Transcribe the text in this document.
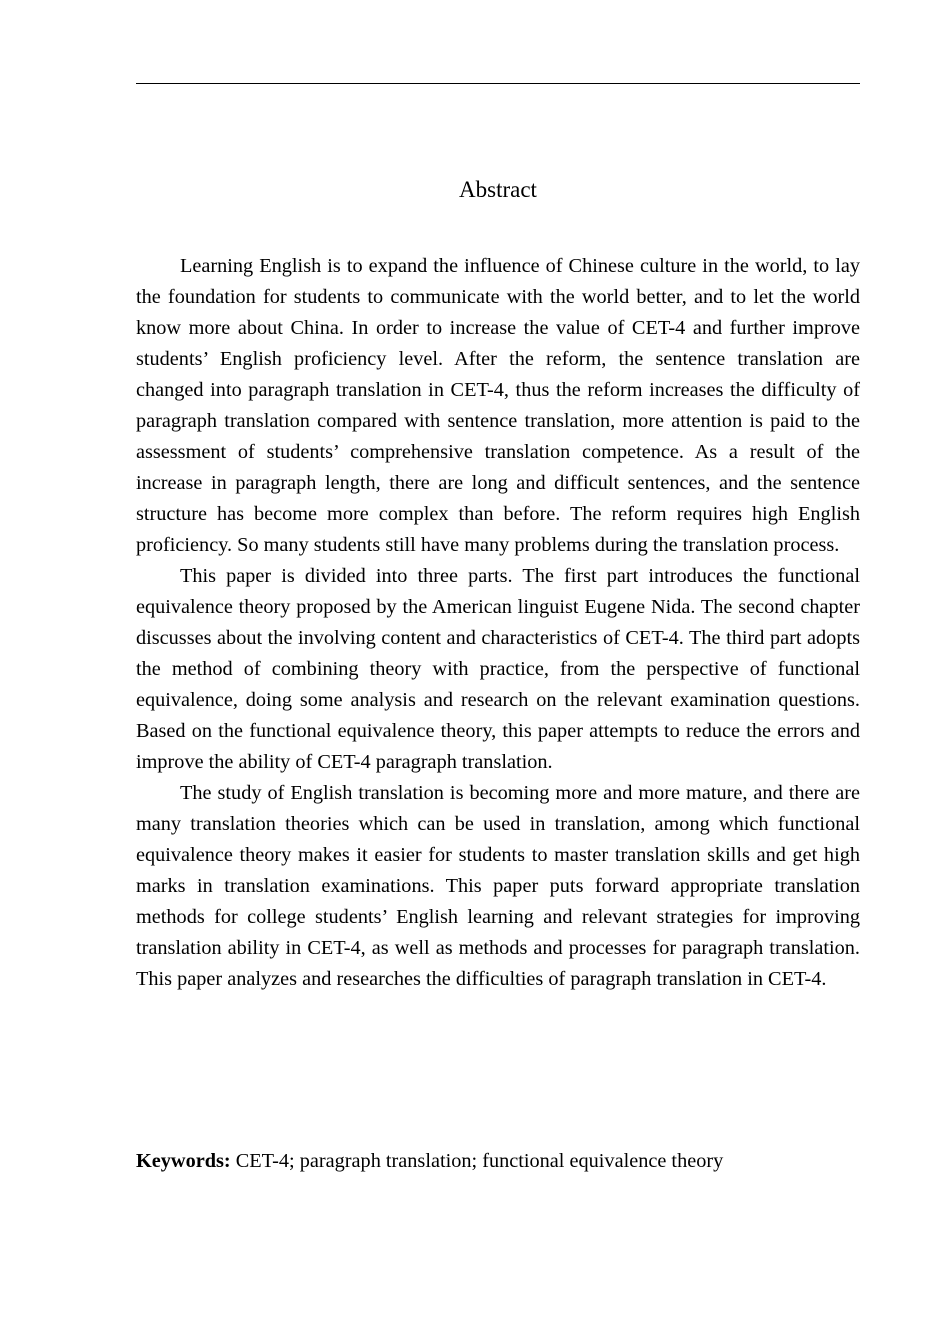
Abstract

Learning English is to expand the influence of Chinese culture in the world, to lay the foundation for students to communicate with the world better, and to let the world know more about China. In order to increase the value of CET-4 and further improve students’ English proficiency level. After the reform, the sentence translation are changed into paragraph translation in CET-4, thus the reform increases the difficulty of paragraph translation compared with sentence translation, more attention is paid to the assessment of students’ comprehensive translation competence. As a result of the increase in paragraph length, there are long and difficult sentences, and the sentence structure has become more complex than before. The reform requires high English proficiency. So many students still have many problems during the translation process.

This paper is divided into three parts. The first part introduces the functional equivalence theory proposed by the American linguist Eugene Nida. The second chapter discusses about the involving content and characteristics of CET-4. The third part adopts the method of combining theory with practice, from the perspective of functional equivalence, doing some analysis and research on the relevant examination questions. Based on the functional equivalence theory, this paper attempts to reduce the errors and improve the ability of CET-4 paragraph translation.

The study of English translation is becoming more and more mature, and there are many translation theories which can be used in translation, among which functional equivalence theory makes it easier for students to master translation skills and get high marks in translation examinations. This paper puts forward appropriate translation methods for college students’ English learning and relevant strategies for improving translation ability in CET-4, as well as methods and processes for paragraph translation. This paper analyzes and researches the difficulties of paragraph translation in CET-4.

Keywords: CET-4; paragraph translation; functional equivalence theory
